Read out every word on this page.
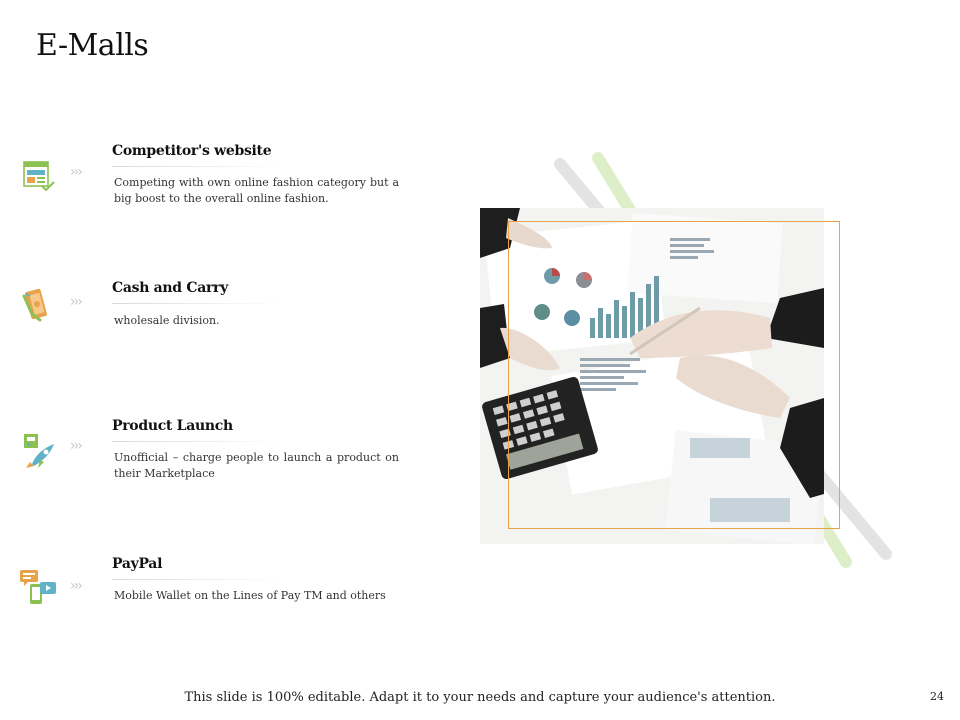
E-Malls
›››
Competitor's website
Competing with own online fashion category but a big boost to the overall online fashion.
›››
Cash and Carry
wholesale division.
›››
Product Launch
Unofficial – charge people to launch a product on their Marketplace
›››
PayPal
Mobile Wallet on the Lines of Pay TM and others
This slide is 100% editable. Adapt it to your needs and capture your audience's attention.	24
